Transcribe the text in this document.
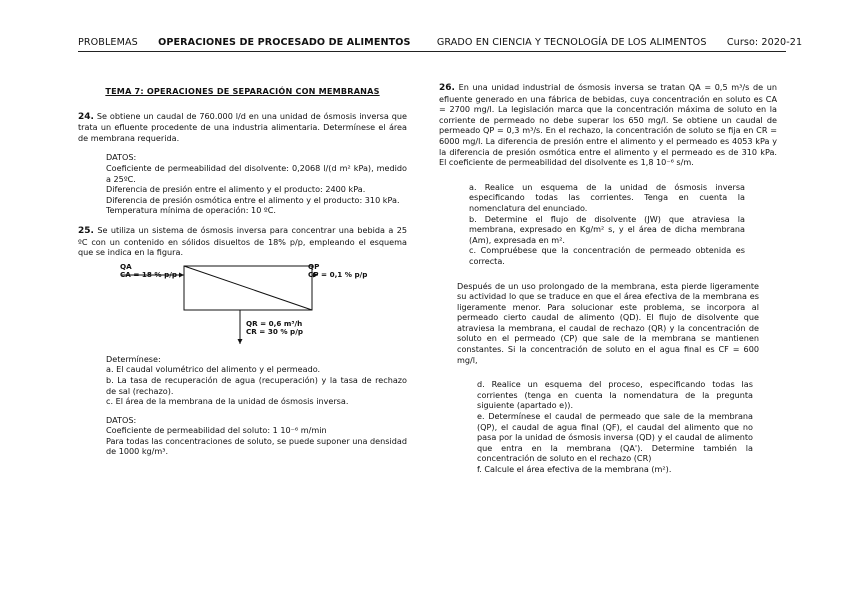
PROBLEMAS OPERACIONES DE PROCESADO DE ALIMENTOS	GRADO EN CIENCIA Y TECNOLOGÍA DE LOS ALIMENTOS Curso: 2020-21

TEMA 7: OPERACIONES DE SEPARACIÓN CON MEMBRANAS

24. Se obtiene un caudal de 760.000 l/d en una unidad de ósmosis inversa que trata un efluente procedente de una industria alimentaria. Determínese el área de membrana requerida.

DATOS:

Coeficiente de permeabilidad del disolvente: 0,2068 l/(d m² kPa), medido a 25ºC.

Diferencia de presión entre el alimento y el producto: 2400 kPa.

Diferencia de presión osmótica entre el alimento y el producto: 310 kPa.

Temperatura mínima de operación: 10 ºC.

25. Se utiliza un sistema de ósmosis inversa para concentrar una bebida a 25 ºC con un contenido en sólidos disueltos de 18% p/p, empleando el esquema que se indica en la figura.

QA
CA = 18 % p/p
QP
CP = 0,1 % p/p
QR = 0,6 m³/h
CR = 30 % p/p

Determínese:

a. El caudal volumétrico del alimento y el permeado.

b. La tasa de recuperación de agua (recuperación) y la tasa de rechazo de sal (rechazo).

c. El área de la membrana de la unidad de ósmosis inversa.

DATOS:

Coeficiente de permeabilidad del soluto: 1 10⁻⁶ m/min

Para todas las concentraciones de soluto, se puede suponer una densidad de 1000 kg/m³.

26. En una unidad industrial de ósmosis inversa se tratan QA = 0,5 m³/s de un efluente generado en una fábrica de bebidas, cuya concentración en soluto es CA = 2700 mg/l. La legislación marca que la concentración máxima de soluto en la corriente de permeado no debe superar los 650 mg/l. Se obtiene un caudal de permeado QP = 0,3 m³/s. En el rechazo, la concentración de soluto se fija en CR = 6000 mg/l. La diferencia de presión entre el alimento y el permeado es 4053 kPa y la diferencia de presión osmótica entre el alimento y el permeado es de 310 kPa. El coeficiente de permeabilidad del disolvente es 1,8 10⁻⁶ s/m.

a. Realice un esquema de la unidad de ósmosis inversa especificando todas las corrientes. Tenga en cuenta la nomenclatura del enunciado.

b. Determine el flujo de disolvente (JW) que atraviesa la membrana, expresado en Kg/m² s, y el área de dicha membrana (Am), expresada en m².

c. Compruébese que la concentración de permeado obtenida es correcta.

Después de un uso prolongado de la membrana, esta pierde ligeramente su actividad lo que se traduce en que el área efectiva de la membrana es ligeramente menor. Para solucionar este problema, se incorpora al permeado cierto caudal de alimento (QD). El flujo de disolvente que atraviesa la membrana, el caudal de rechazo (QR) y la concentración de soluto en el permeado (CP) que sale de la membrana se mantienen constantes. Si la concentración de soluto en el agua final es CF = 600 mg/l,

d. Realice un esquema del proceso, especificando todas las corrientes (tenga en cuenta la nomendatura de la pregunta siguiente (apartado e)).

e. Determínese el caudal de permeado que sale de la membrana (QP), el caudal de agua final (QF), el caudal del alimento que no pasa por la unidad de ósmosis inversa (QD) y el caudal de alimento que entra en la membrana (QA'). Determine también la concentración de soluto en el rechazo (CR)

f. Calcule el área efectiva de la membrana (m²).
